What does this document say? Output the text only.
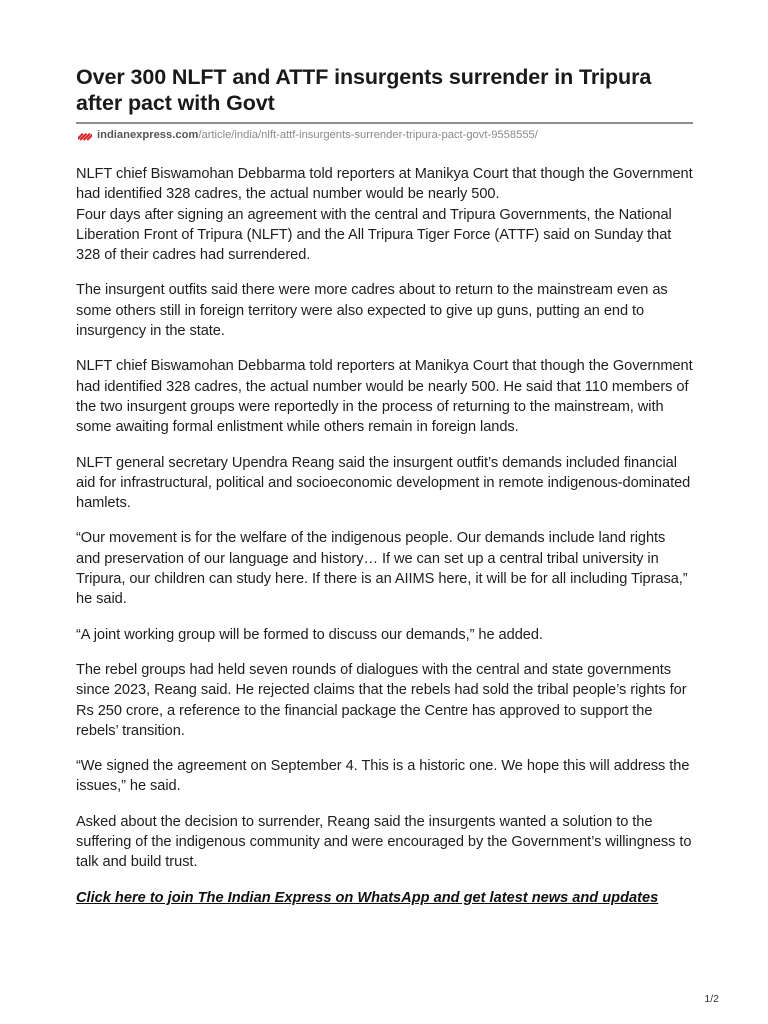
Over 300 NLFT and ATTF insurgents surrender in Tripura after pact with Govt
indianexpress.com /article/india/nlft-attf-insurgents-surrender-tripura-pact-govt-9558555/

NLFT chief Biswamohan Debbarma told reporters at Manikya Court that though the Government had identified 328 cadres, the actual number would be nearly 500.

Four days after signing an agreement with the central and Tripura Governments, the National Liberation Front of Tripura (NLFT) and the All Tripura Tiger Force (ATTF) said on Sunday that 328 of their cadres had surrendered.

The insurgent outfits said there were more cadres about to return to the mainstream even as some others still in foreign territory were also expected to give up guns, putting an end to insurgency in the state.

NLFT chief Biswamohan Debbarma told reporters at Manikya Court that though the Government had identified 328 cadres, the actual number would be nearly 500. He said that 110 members of the two insurgent groups were reportedly in the process of returning to the mainstream, with some awaiting formal enlistment while others remain in foreign lands.

NLFT general secretary Upendra Reang said the insurgent outfit’s demands included financial aid for infrastructural, political and socioeconomic development in remote indigenous-dominated hamlets.

“Our movement is for the welfare of the indigenous people. Our demands include land rights and preservation of our language and history… If we can set up a central tribal university in Tripura, our children can study here. If there is an AIIMS here, it will be for all including Tiprasa,” he said.

“A joint working group will be formed to discuss our demands,” he added.

The rebel groups had held seven rounds of dialogues with the central and state governments since 2023, Reang said. He rejected claims that the rebels had sold the tribal people’s rights for Rs 250 crore, a reference to the financial package the Centre has approved to support the rebels’ transition.

“We signed the agreement on September 4. This is a historic one. We hope this will address the issues,” he said.

Asked about the decision to surrender, Reang said the insurgents wanted a solution to the suffering of the indigenous community and were encouraged by the Government’s willingness to talk and build trust.

Click here to join The Indian Express on WhatsApp and get latest news and updates
1/2
